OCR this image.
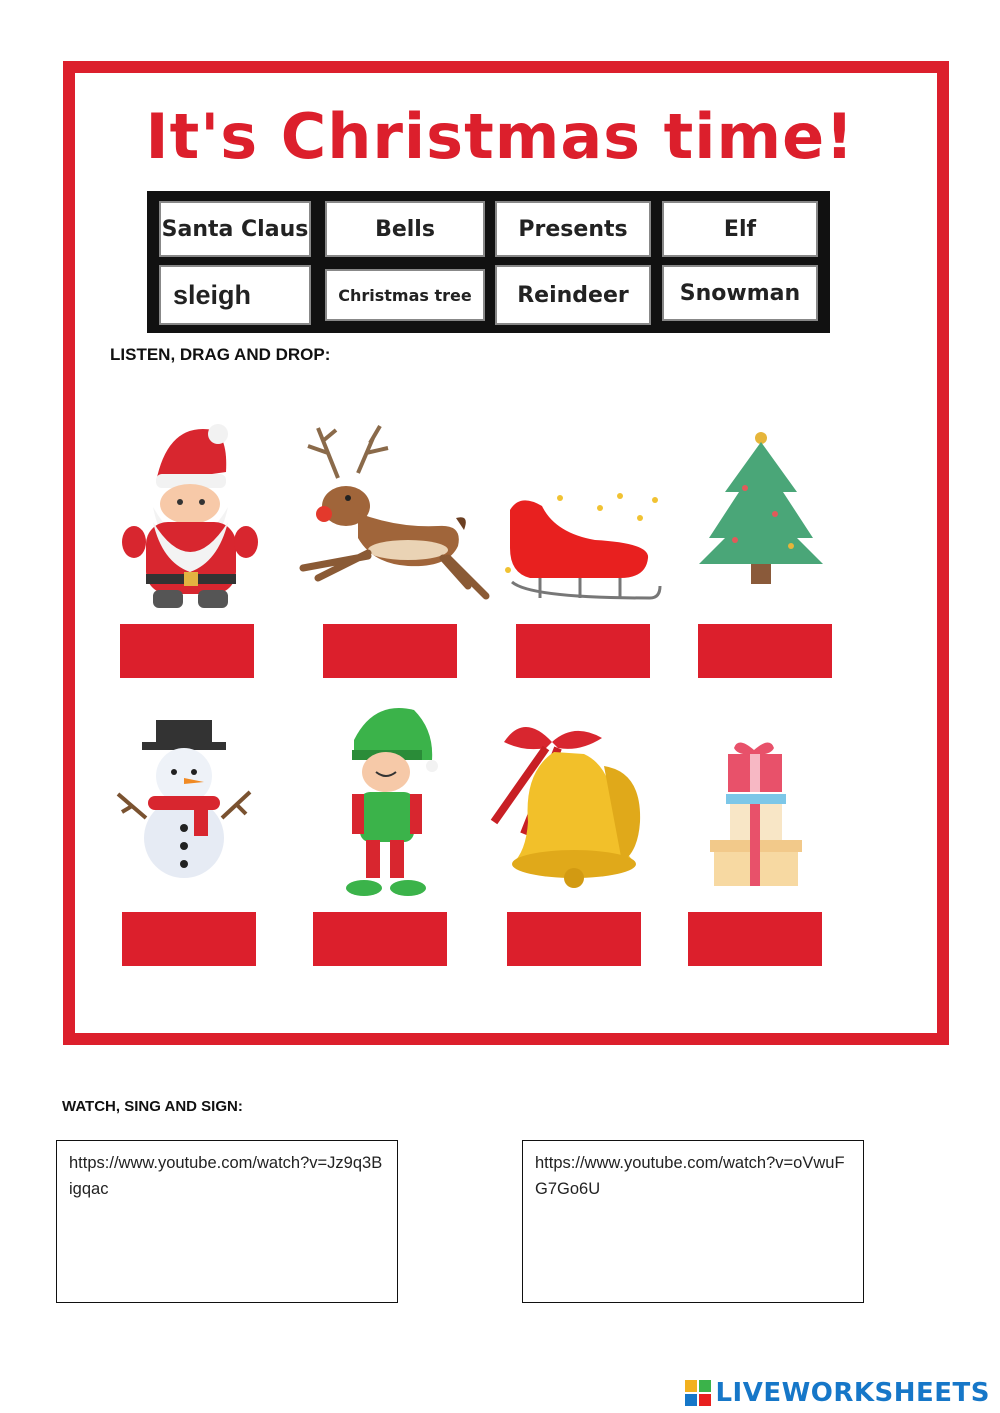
It's Christmas time!
Santa Claus	Bells	Presents	Elf
sleigh	Christmas tree	Reindeer	Snowman
LISTEN, DRAG AND DROP:
WATCH, SING AND SIGN:
https://www.youtube.com/watch?v=Jz9q3Bigqac
https://www.youtube.com/watch?v=oVwuFG7Go6U
LIVEWORKSHEETS
